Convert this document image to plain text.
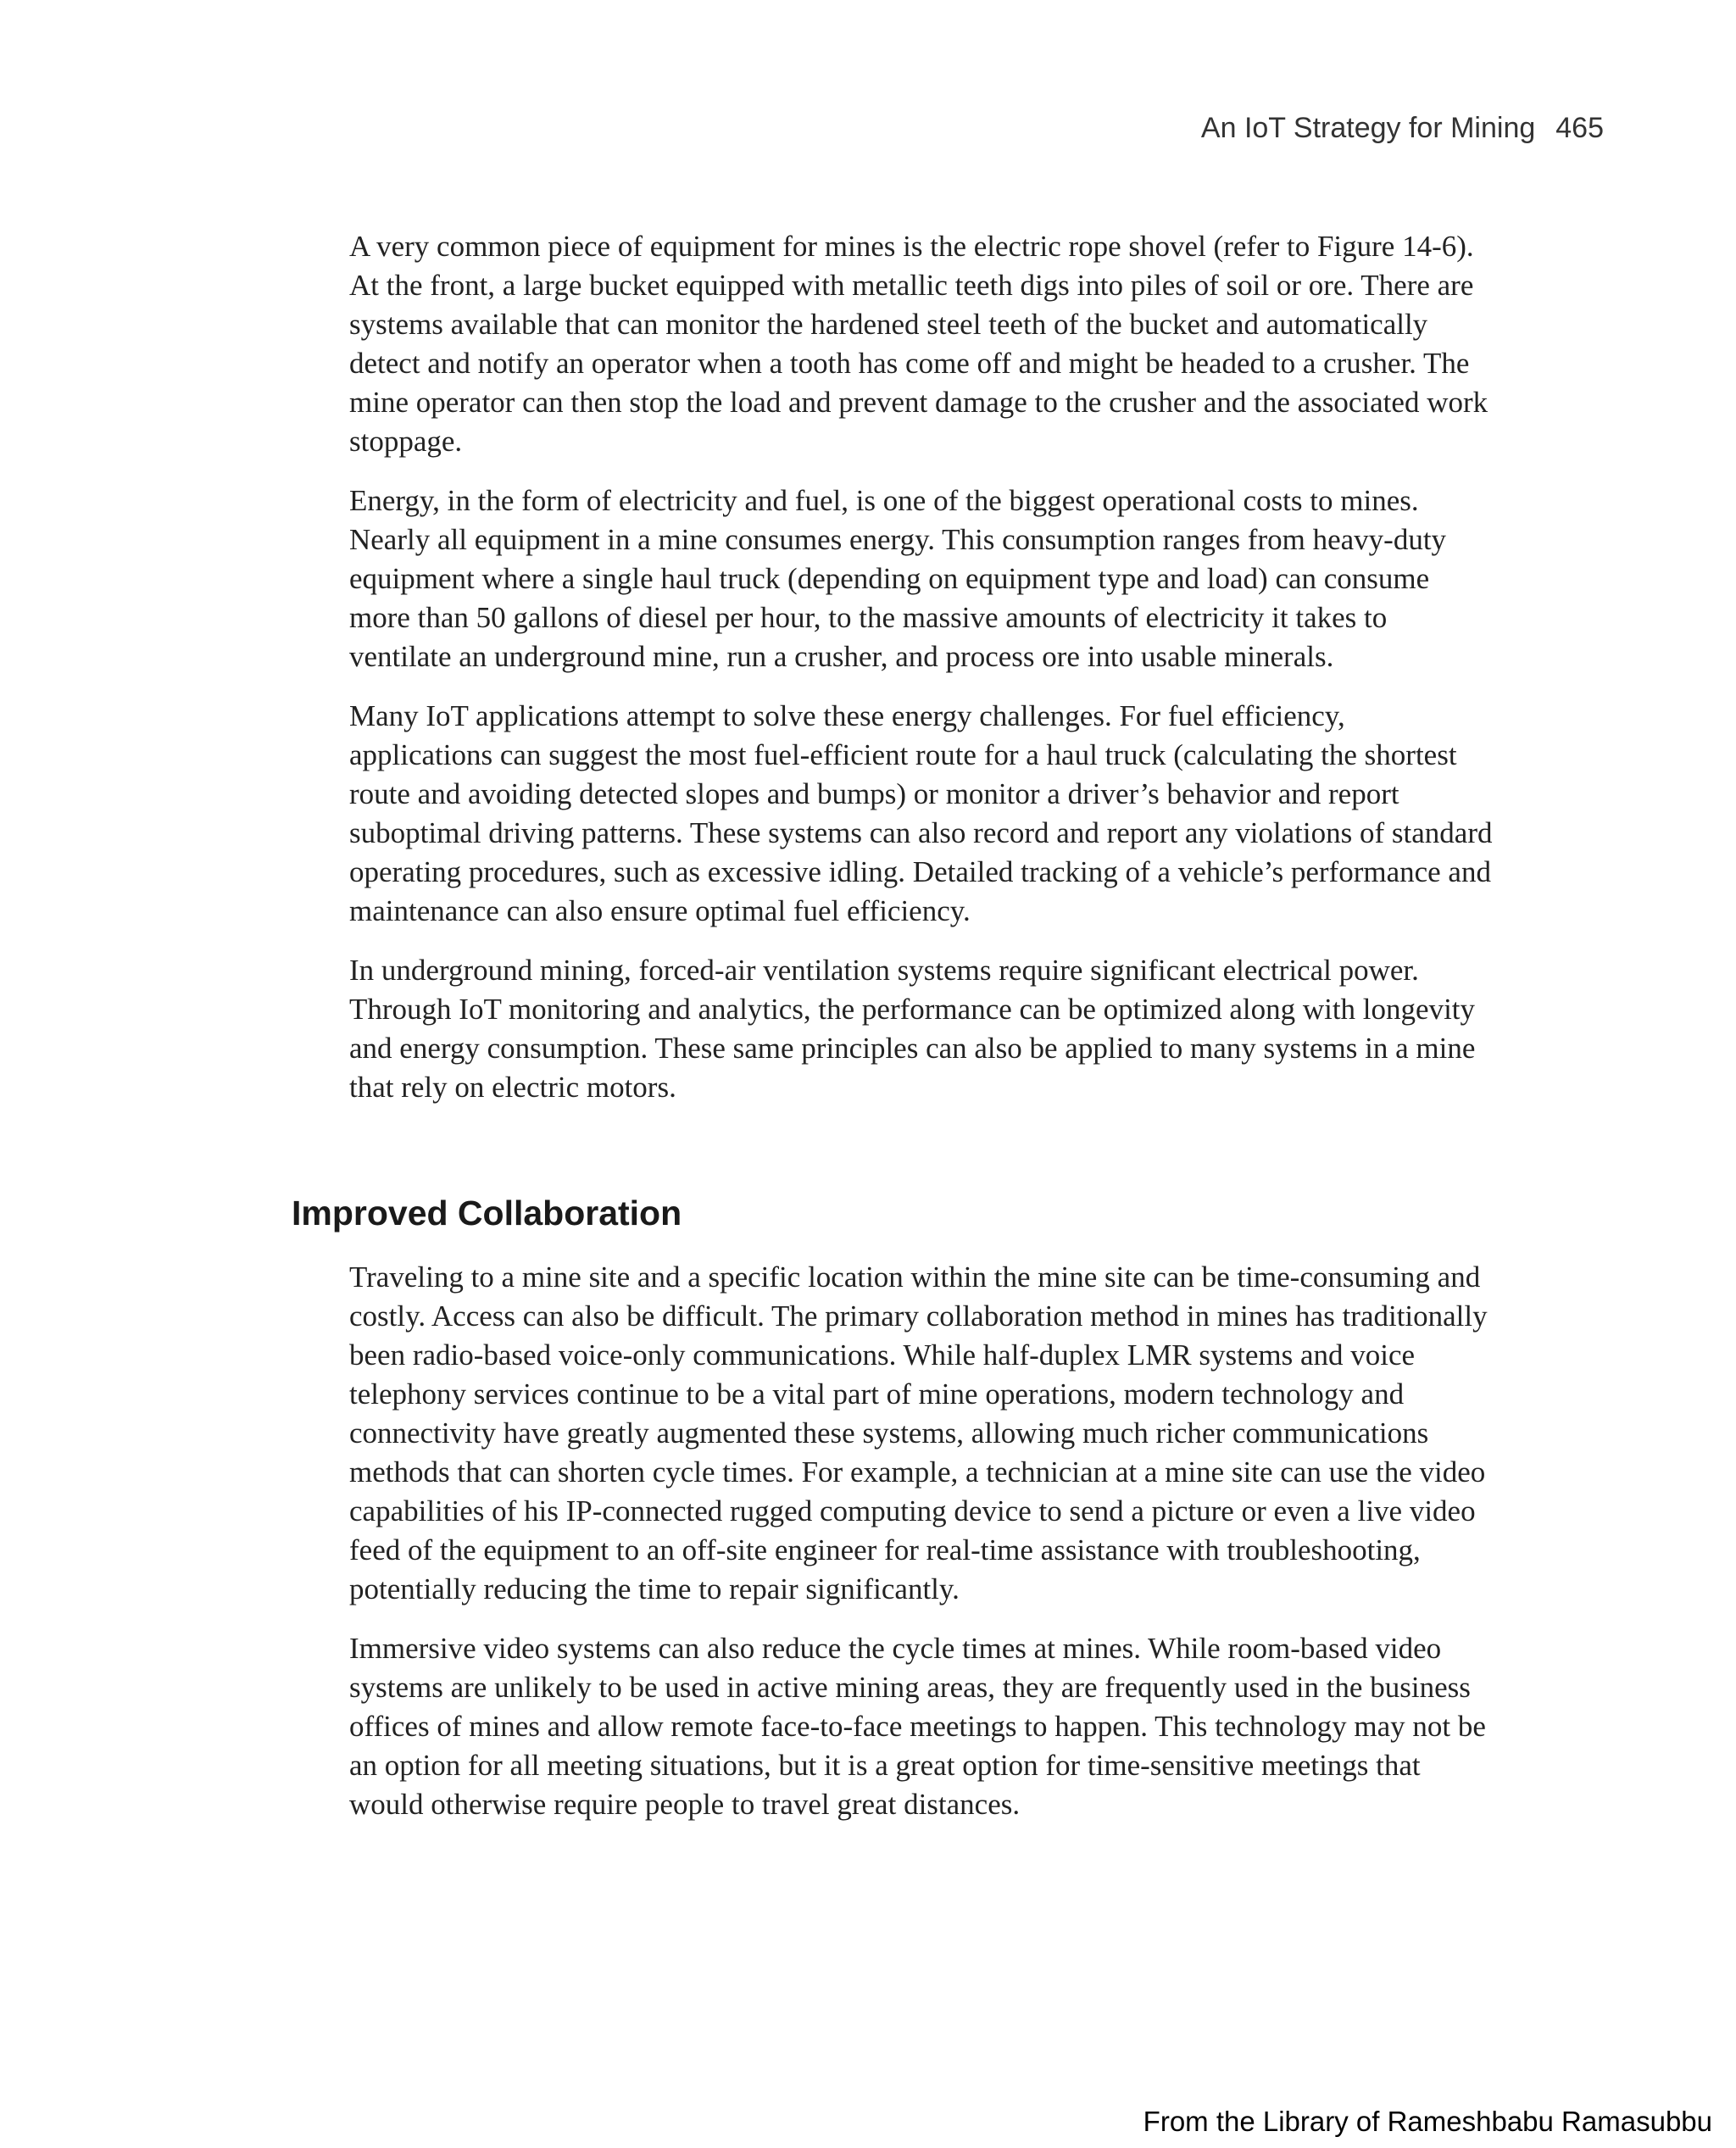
An IoT Strategy for Mining 465

A very common piece of equipment for mines is the electric rope shovel (refer to Figure 14-6). At the front, a large bucket equipped with metallic teeth digs into piles of soil or ore. There are systems available that can monitor the hardened steel teeth of the bucket and automatically detect and notify an operator when a tooth has come off and might be headed to a crusher. The mine operator can then stop the load and prevent damage to the crusher and the associated work stoppage.

Energy, in the form of electricity and fuel, is one of the biggest operational costs to mines. Nearly all equipment in a mine consumes energy. This consumption ranges from heavy-duty equipment where a single haul truck (depending on equipment type and load) can consume more than 50 gallons of diesel per hour, to the massive amounts of electricity it takes to ventilate an underground mine, run a crusher, and process ore into usable minerals.

Many IoT applications attempt to solve these energy challenges. For fuel efficiency, applications can suggest the most fuel-efficient route for a haul truck (calculating the shortest route and avoiding detected slopes and bumps) or monitor a driver’s behavior and report suboptimal driving patterns. These systems can also record and report any violations of standard operating procedures, such as excessive idling. Detailed tracking of a vehicle’s performance and maintenance can also ensure optimal fuel efficiency.

In underground mining, forced-air ventilation systems require significant electrical power. Through IoT monitoring and analytics, the performance can be optimized along with longevity and energy consumption. These same principles can also be applied to many systems in a mine that rely on electric motors.

Improved Collaboration

Traveling to a mine site and a specific location within the mine site can be time-consuming and costly. Access can also be difficult. The primary collaboration method in mines has traditionally been radio-based voice-only communications. While half-duplex LMR systems and voice telephony services continue to be a vital part of mine operations, modern technology and connectivity have greatly augmented these systems, allowing much richer communications methods that can shorten cycle times. For example, a technician at a mine site can use the video capabilities of his IP-connected rugged computing device to send a picture or even a live video feed of the equipment to an off-site engineer for real-time assistance with troubleshooting, potentially reducing the time to repair significantly.

Immersive video systems can also reduce the cycle times at mines. While room-based video systems are unlikely to be used in active mining areas, they are frequently used in the business offices of mines and allow remote face-to-face meetings to happen. This technology may not be an option for all meeting situations, but it is a great option for time-sensitive meetings that would otherwise require people to travel great distances.

From the Library of Rameshbabu Ramasubbu
